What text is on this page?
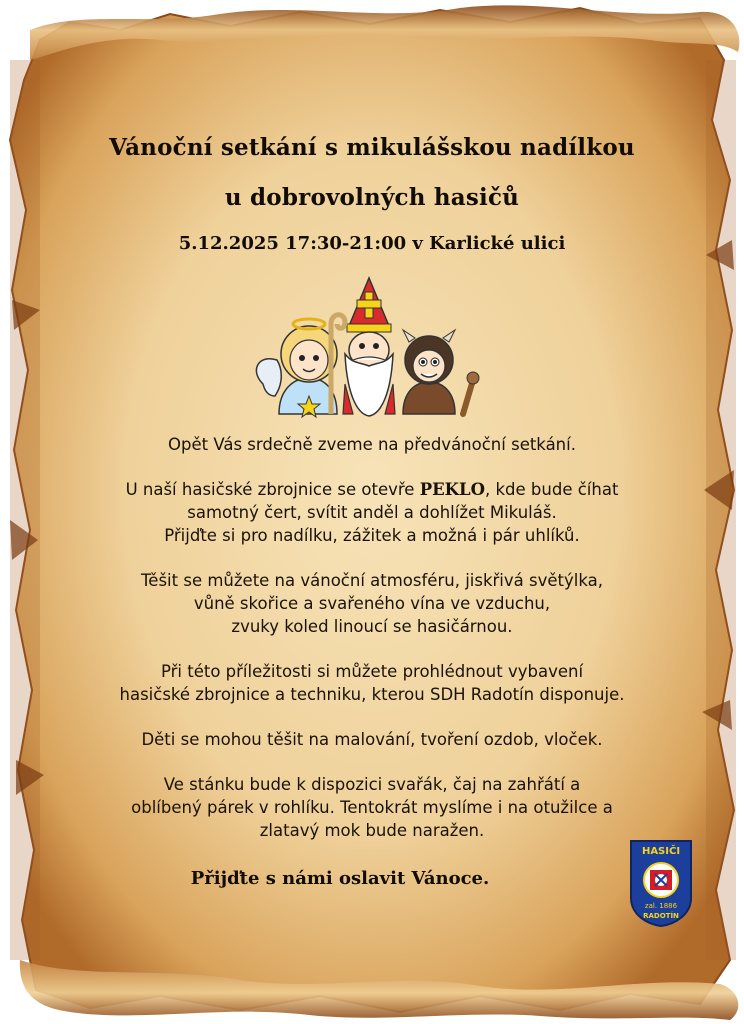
Vánoční setkání s mikulášskou nadílkou
u dobrovolných hasičů
5.12.2025 17:30-21:00 v Karlické ulici
Opět Vás srdečně zveme na předvánoční setkání.
U naší hasičské zbrojnice se otevře PEKLO, kde bude číhat
samotný čert, svítit anděl a dohlížet Mikuláš.
Přijďte si pro nadílku, zážitek a možná i pár uhlíků.
Těšit se můžete na vánoční atmosféru, jiskřivá světýlka,
vůně skořice a svařeného vína ve vzduchu,
zvuky koled linoucí se hasičárnou.
Při této příležitosti si můžete prohlédnout vybavení
hasičské zbrojnice a techniku, kterou SDH Radotín disponuje.
Děti se mohou těšit na malování, tvoření ozdob, vloček.
Ve stánku bude k dispozici svařák, čaj na zahřátí a
oblíbený párek v rohlíku. Tentokrát myslíme i na otužilce a
zlatavý mok bude naražen.
Přijďte s námi oslavit Vánoce.
HASIČI
zal. 1886
RADOTÍN
